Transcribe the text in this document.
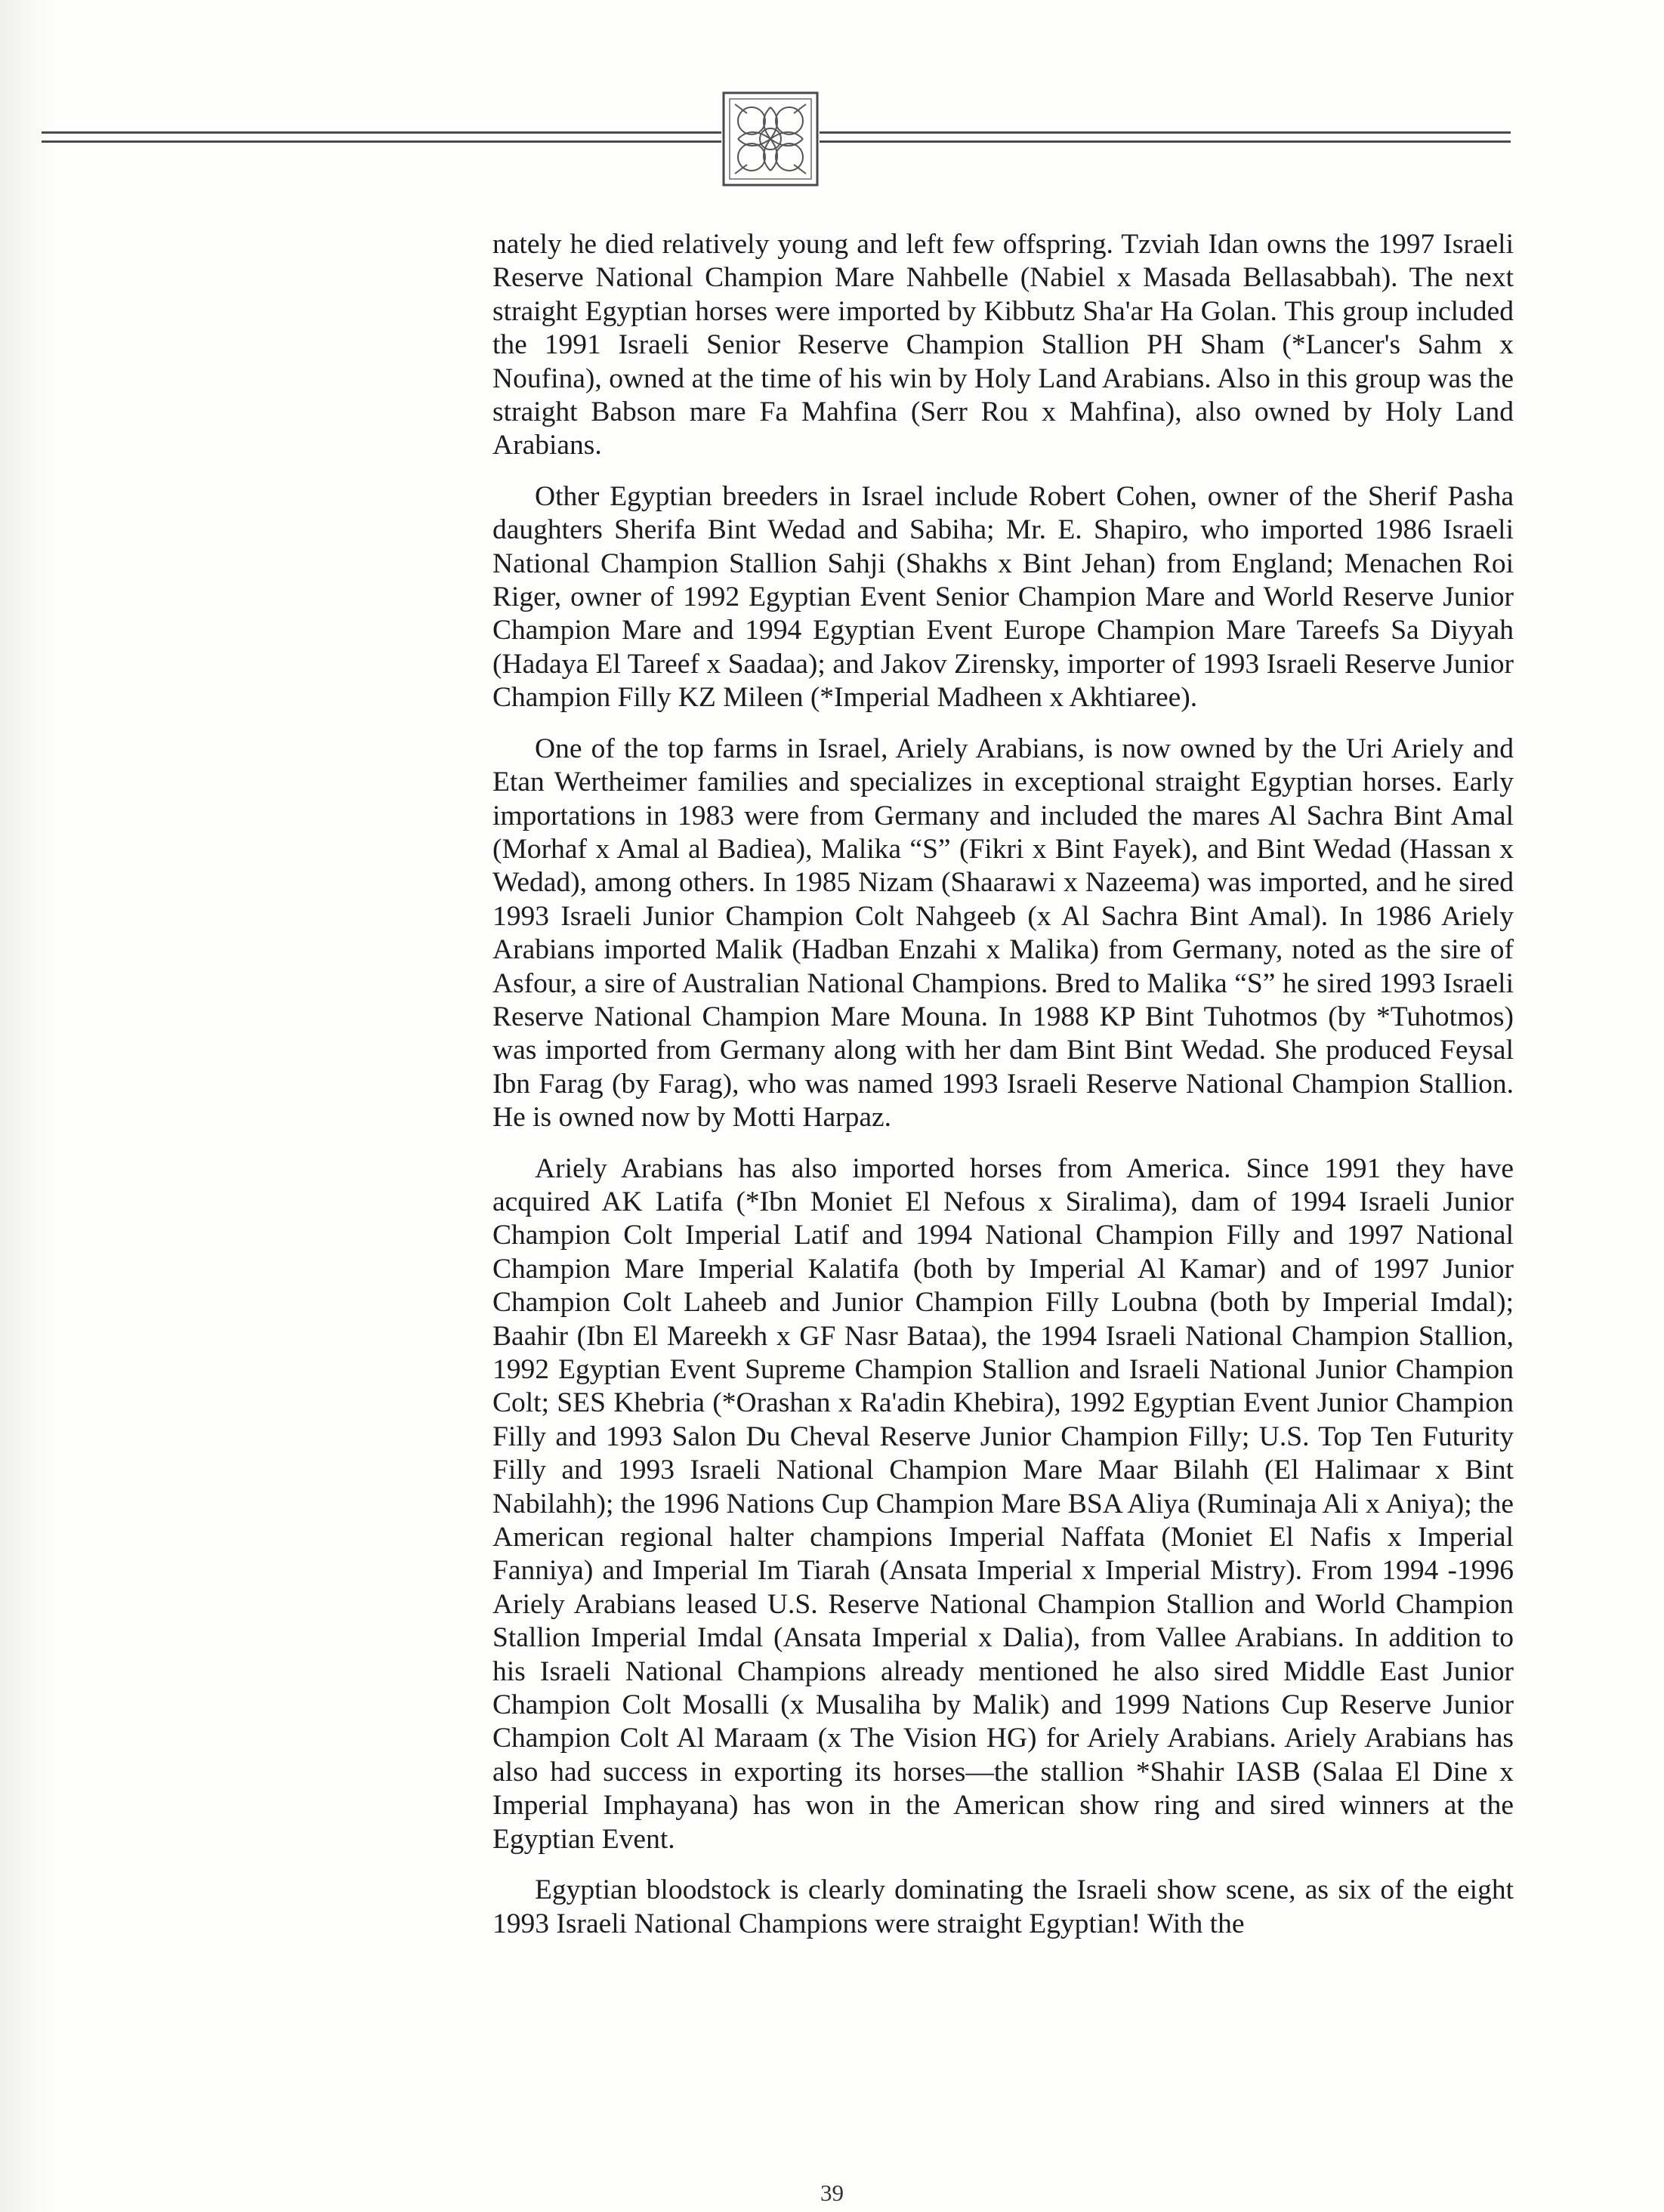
nately he died relatively young and left few offspring. Tzviah Idan owns the 1997 Israeli Reserve National Champion Mare Nahbelle (Nabiel x Masada Bellasabbah). The next straight Egyptian horses were imported by Kibbutz Sha'ar Ha Golan. This group included the 1991 Israeli Senior Reserve Champion Stallion PH Sham (*Lancer's Sahm x Noufina), owned at the time of his win by Holy Land Arabians. Also in this group was the straight Babson mare Fa Mahfina (Serr Rou x Mahfina), also owned by Holy Land Arabians.

Other Egyptian breeders in Israel include Robert Cohen, owner of the Sherif Pasha daughters Sherifa Bint Wedad and Sabiha; Mr. E. Shapiro, who imported 1986 Israeli National Champion Stallion Sahji (Shakhs x Bint Jehan) from England; Menachen Roi Riger, owner of 1992 Egyptian Event Senior Champion Mare and World Reserve Junior Champion Mare and 1994 Egyptian Event Europe Champion Mare Tareefs Sa Diyyah (Hadaya El Tareef x Saadaa); and Jakov Zirensky, importer of 1993 Israeli Reserve Junior Champion Filly KZ Mileen (*Imperial Madheen x Akhtiaree).

One of the top farms in Israel, Ariely Arabians, is now owned by the Uri Ariely and Etan Wertheimer families and specializes in exceptional straight Egyptian horses. Early importations in 1983 were from Germany and included the mares Al Sachra Bint Amal (Morhaf x Amal al Badiea), Malika “S” (Fikri x Bint Fayek), and Bint Wedad (Hassan x Wedad), among others. In 1985 Nizam (Shaarawi x Nazeema) was imported, and he sired 1993 Israeli Junior Champion Colt Nahgeeb (x Al Sachra Bint Amal). In 1986 Ariely Arabians imported Malik (Hadban Enzahi x Malika) from Germany, noted as the sire of Asfour, a sire of Australian National Champions. Bred to Malika “S” he sired 1993 Israeli Reserve National Champion Mare Mouna. In 1988 KP Bint Tuhotmos (by *Tuhotmos) was imported from Germany along with her dam Bint Bint Wedad. She produced Feysal Ibn Farag (by Farag), who was named 1993 Israeli Reserve National Champion Stallion. He is owned now by Motti Harpaz.

Ariely Arabians has also imported horses from America. Since 1991 they have acquired AK Latifa (*Ibn Moniet El Nefous x Siralima), dam of 1994 Israeli Junior Champion Colt Imperial Latif and 1994 National Champion Filly and 1997 National Champion Mare Imperial Kalatifa (both by Imperial Al Kamar) and of 1997 Junior Champion Colt Laheeb and Junior Champion Filly Loubna (both by Imperial Imdal); Baahir (Ibn El Mareekh x GF Nasr Bataa), the 1994 Israeli National Champion Stallion, 1992 Egyptian Event Supreme Champion Stallion and Israeli National Junior Champion Colt; SES Khebria (*Orashan x Ra'adin Khebira), 1992 Egyptian Event Junior Champion Filly and 1993 Salon Du Cheval Reserve Junior Champion Filly; U.S. Top Ten Futurity Filly and 1993 Israeli National Champion Mare Maar Bilahh (El Halimaar x Bint Nabilahh); the 1996 Nations Cup Champion Mare BSA Aliya (Ruminaja Ali x Aniya); the American regional halter champions Imperial Naffata (Moniet El Nafis x Imperial Fanniya) and Imperial Im Tiarah (Ansata Imperial x Imperial Mistry). From 1994 -1996 Ariely Arabians leased U.S. Reserve National Champion Stallion and World Champion Stallion Imperial Imdal (Ansata Imperial x Dalia), from Vallee Arabians. In addition to his Israeli National Champions already mentioned he also sired Middle East Junior Champion Colt Mosalli (x Musaliha by Malik) and 1999 Nations Cup Reserve Junior Champion Colt Al Maraam (x The Vision HG) for Ariely Arabians. Ariely Arabians has also had success in exporting its horses—the stallion *Shahir IASB (Salaa El Dine x Imperial Imphayana) has won in the American show ring and sired winners at the Egyptian Event.

Egyptian bloodstock is clearly dominating the Israeli show scene, as six of the eight 1993 Israeli National Champions were straight Egyptian! With the

39
